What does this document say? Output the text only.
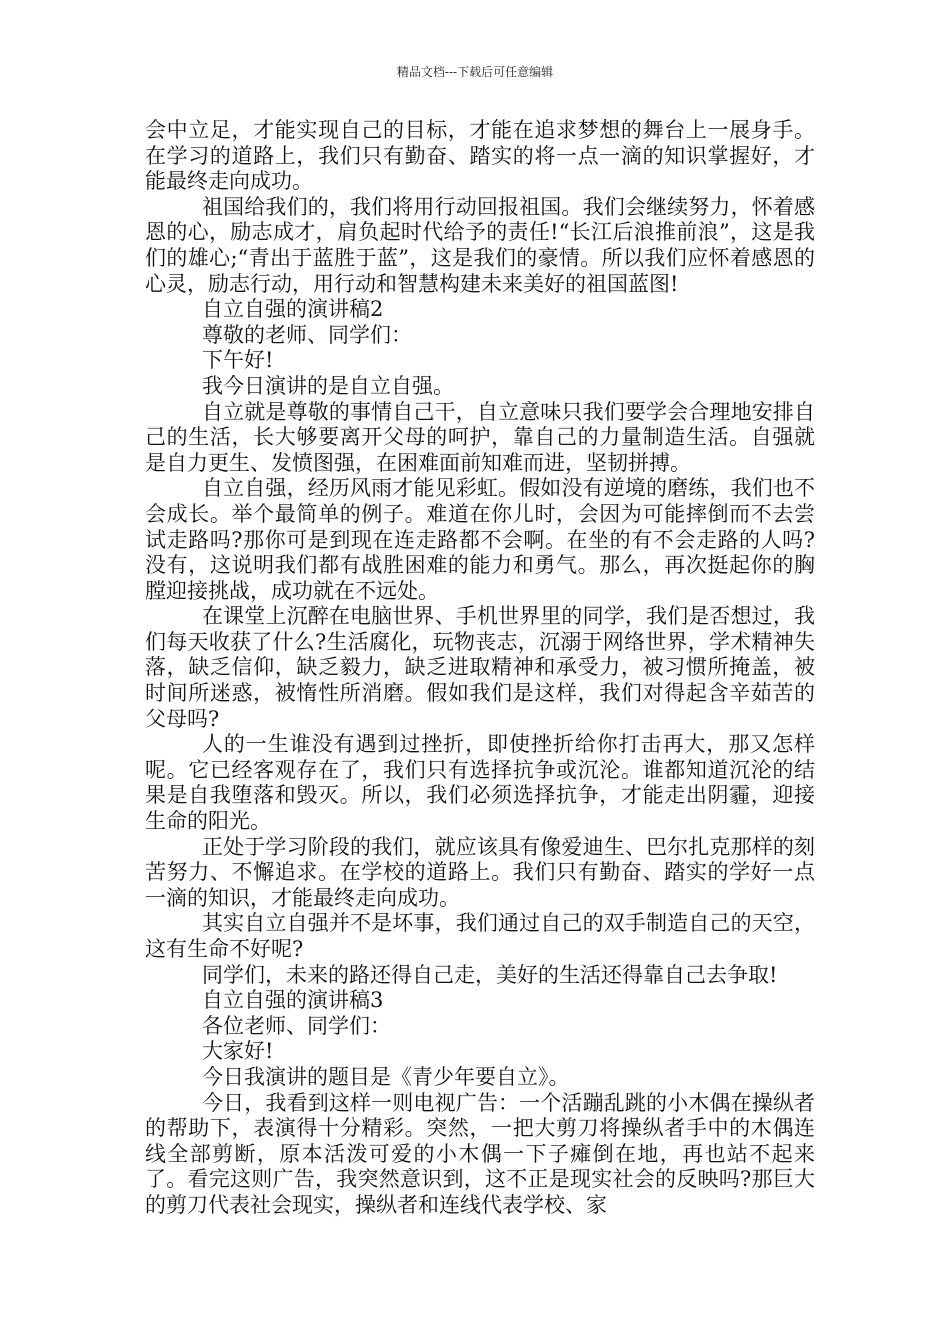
精品文档---下载后可任意编辑

会中立足，才能实现自己的目标，才能在追求梦想的舞台上一展身手。在学习的道路上，我们只有勤奋、踏实的将一点一滴的知识掌握好，才能最终走向成功。

祖国给我们的，我们将用行动回报祖国。我们会继续努力，怀着感恩的心，励志成才，肩负起时代给予的责任!“长江后浪推前浪”，这是我们的雄心;“青出于蓝胜于蓝”，这是我们的豪情。所以我们应怀着感恩的心灵，励志行动，用行动和智慧构建未来美好的祖国蓝图!

自立自强的演讲稿2

尊敬的老师、同学们：

下午好!

我今日演讲的是自立自强。

自立就是尊敬的事情自己干，自立意味只我们要学会合理地安排自己的生活，长大够要离开父母的呵护，靠自己的力量制造生活。自强就是自力更生、发愤图强，在困难面前知难而进，坚韧拼搏。

自立自强，经历风雨才能见彩虹。假如没有逆境的磨练，我们也不会成长。举个最简单的例子。难道在你儿时，会因为可能摔倒而不去尝试走路吗?那你可是到现在连走路都不会啊。在坐的有不会走路的人吗?没有，这说明我们都有战胜困难的能力和勇气。那么，再次挺起你的胸膛迎接挑战，成功就在不远处。

在课堂上沉醉在电脑世界、手机世界里的同学，我们是否想过，我们每天收获了什么?生活腐化，玩物丧志，沉溺于网络世界，学术精神失落，缺乏信仰，缺乏毅力，缺乏进取精神和承受力，被习惯所掩盖，被时间所迷惑，被惰性所消磨。假如我们是这样，我们对得起含辛茹苦的父母吗?

人的一生谁没有遇到过挫折，即使挫折给你打击再大，那又怎样呢。它已经客观存在了，我们只有选择抗争或沉沦。谁都知道沉沦的结果是自我堕落和毁灭。所以，我们必须选择抗争，才能走出阴霾，迎接生命的阳光。

正处于学习阶段的我们，就应该具有像爱迪生、巴尔扎克那样的刻苦努力、不懈追求。在学校的道路上。我们只有勤奋、踏实的学好一点一滴的知识，才能最终走向成功。

其实自立自强并不是坏事，我们通过自己的双手制造自己的天空，这有生命不好呢?

同学们，未来的路还得自己走，美好的生活还得靠自己去争取!

自立自强的演讲稿3

各位老师、同学们：

大家好!

今日我演讲的题目是《青少年要自立》。

今日，我看到这样一则电视广告：一个活蹦乱跳的小木偶在操纵者的帮助下，表演得十分精彩。突然，一把大剪刀将操纵者手中的木偶连线全部剪断，原本活泼可爱的小木偶一下子瘫倒在地，再也站不起来了。看完这则广告，我突然意识到，这不正是现实社会的反映吗?那巨大的剪刀代表社会现实，操纵者和连线代表学校、家
